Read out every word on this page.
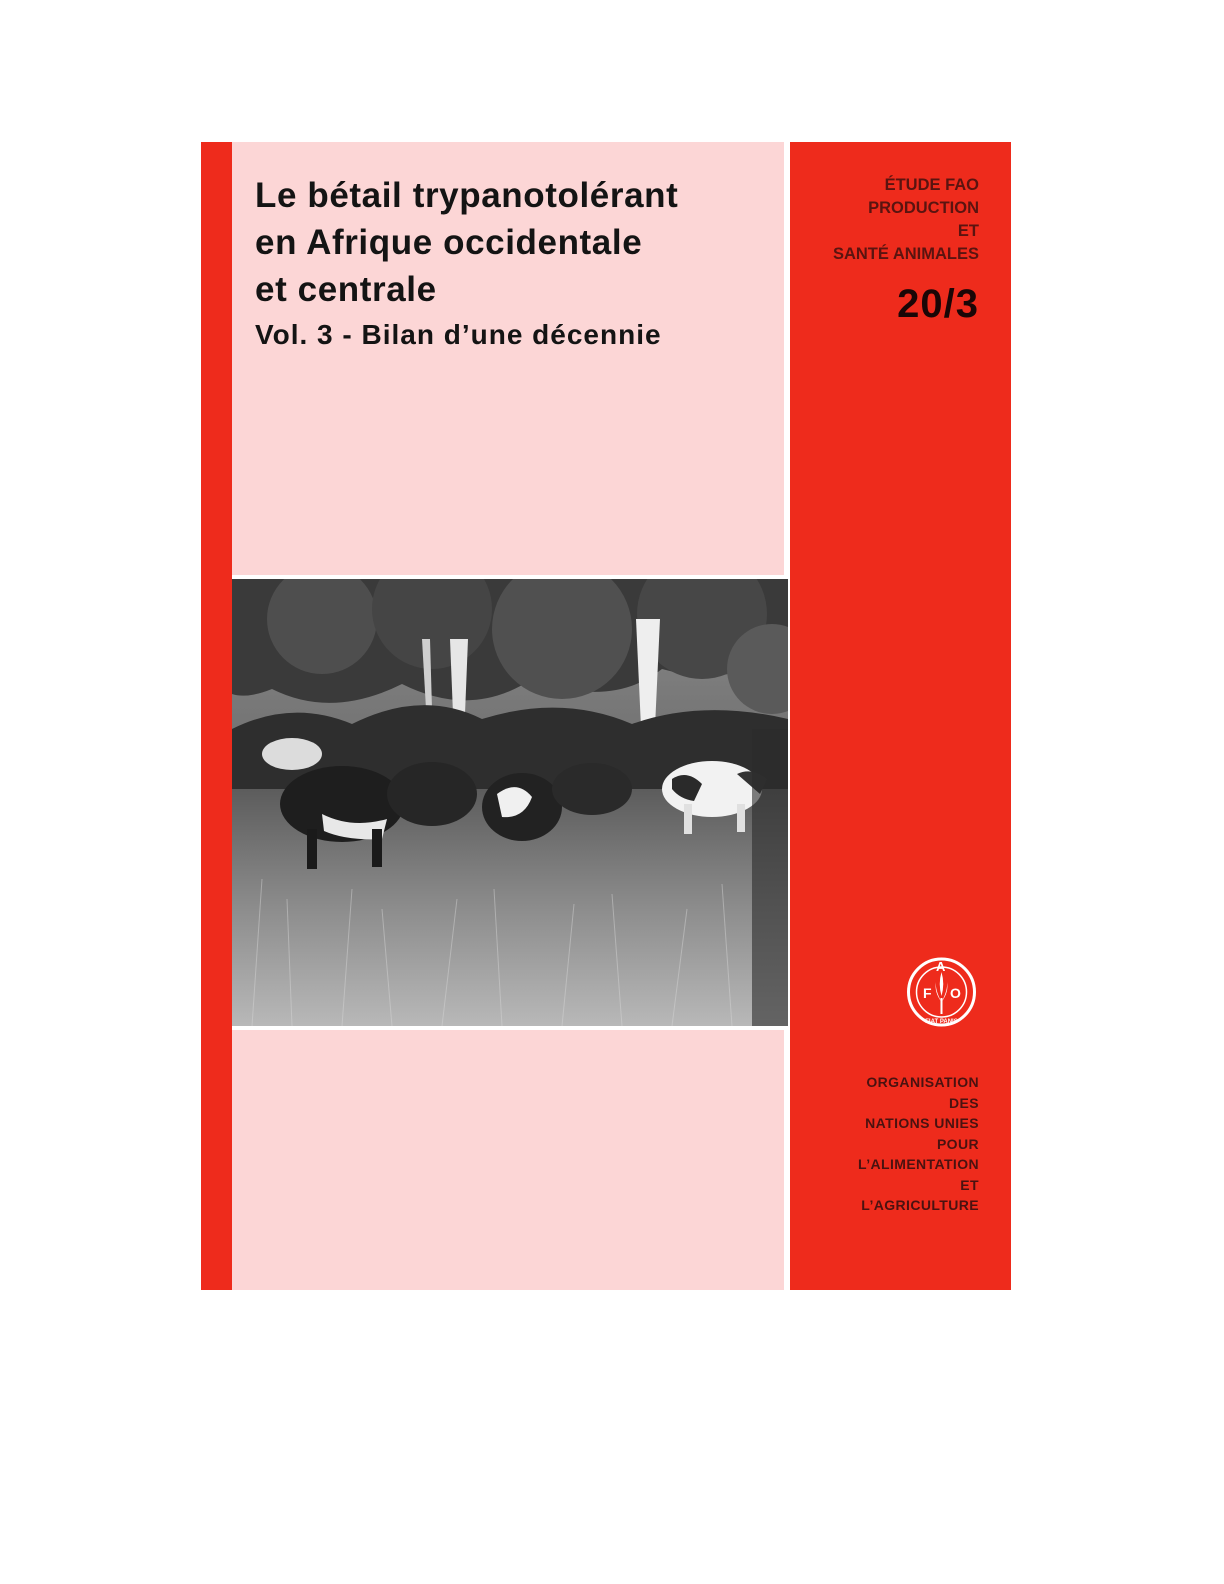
Le bétail trypanotolérant
en Afrique occidentale
et centrale

Vol. 3 - Bilan d’une décennie

ÉTUDE FAO
PRODUCTION
ET
SANTÉ ANIMALES
20/3
F
A
O
FIAT PANIS
ORGANISATION
DES
NATIONS UNIES
POUR
L’ALIMENTATION
ET
L’AGRICULTURE
